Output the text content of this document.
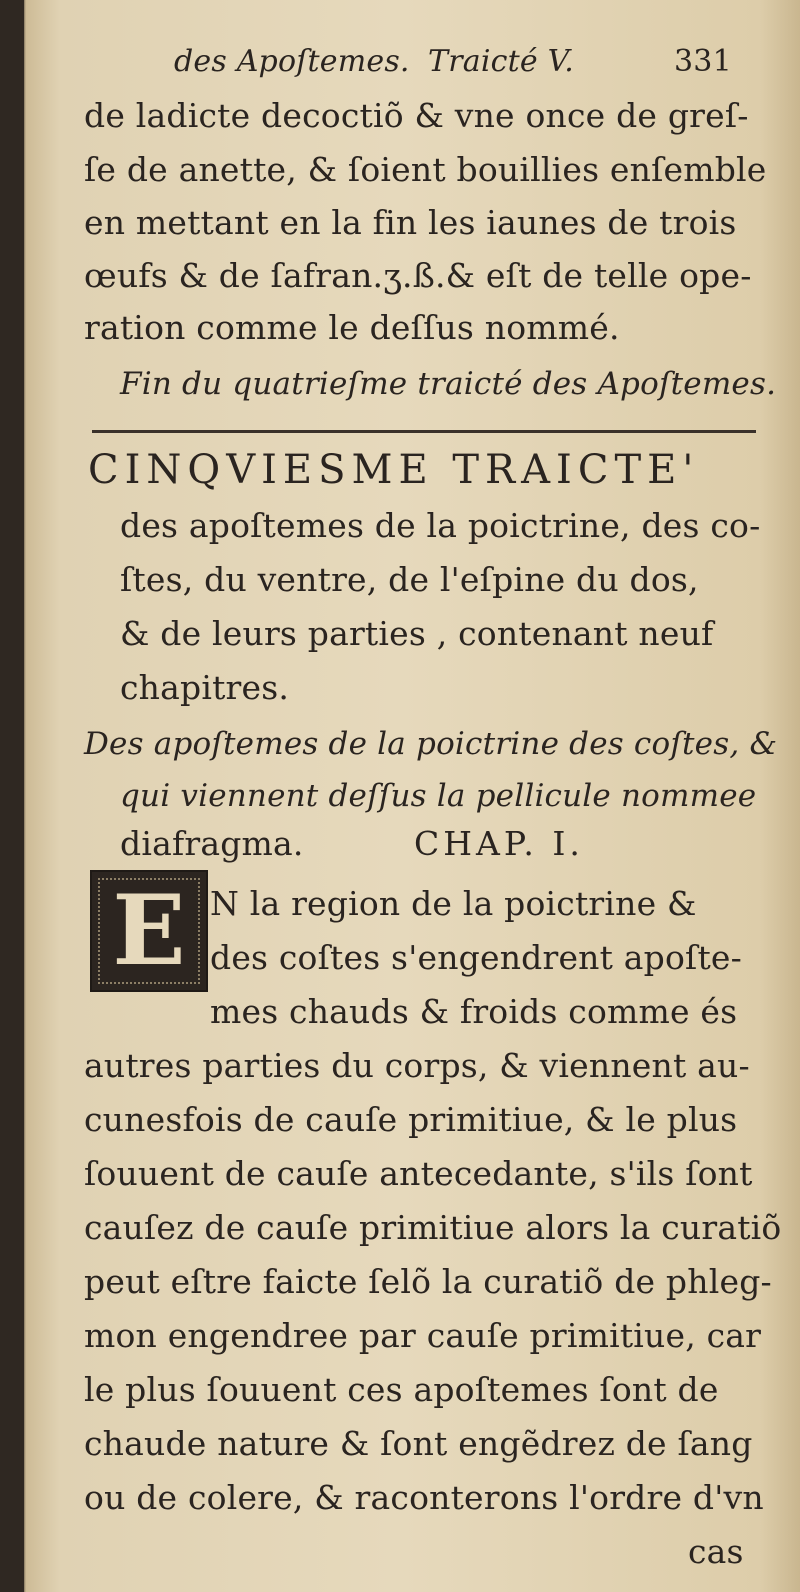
des Apoſtemes. Traicté V.	331
de ladicte decoctiõ & vne once de greſ-
ſe de anette, & ſoient bouillies enſemble
en mettant en la fin les iaunes de trois
œufs & de ſafran.ʒ.ß.& eſt de telle ope-
ration comme le deſſus nommé.
Fin du quatrieſme traicté des Apoſtemes.
CINQVIESME TRAICTE'
des apoſtemes de la poictrine, des co-
ſtes, du ventre, de l'eſpine du dos,
& de leurs parties , contenant neuf
chapitres.
Des apoſtemes de la poictrine des coſtes, &
qui viennent deſſus la pellicule nommee
diafragma.	CHAP. I.
E N la region de la poictrine &
des coſtes s'engendrent apoſte-
mes chauds & froids comme és
autres parties du corps, & viennent au-
cunesfois de cauſe primitiue, & le plus
ſouuent de cauſe antecedante, s'ils ſont
cauſez de cauſe primitiue alors la curatiõ
peut eſtre faicte ſelõ la curatiõ de phleg-
mon engendree par cauſe primitiue, car
le plus ſouuent ces apoſtemes ſont de
chaude nature & ſont engẽdrez de ſang
ou de colere, & raconterons l'ordre d'vn
cas
